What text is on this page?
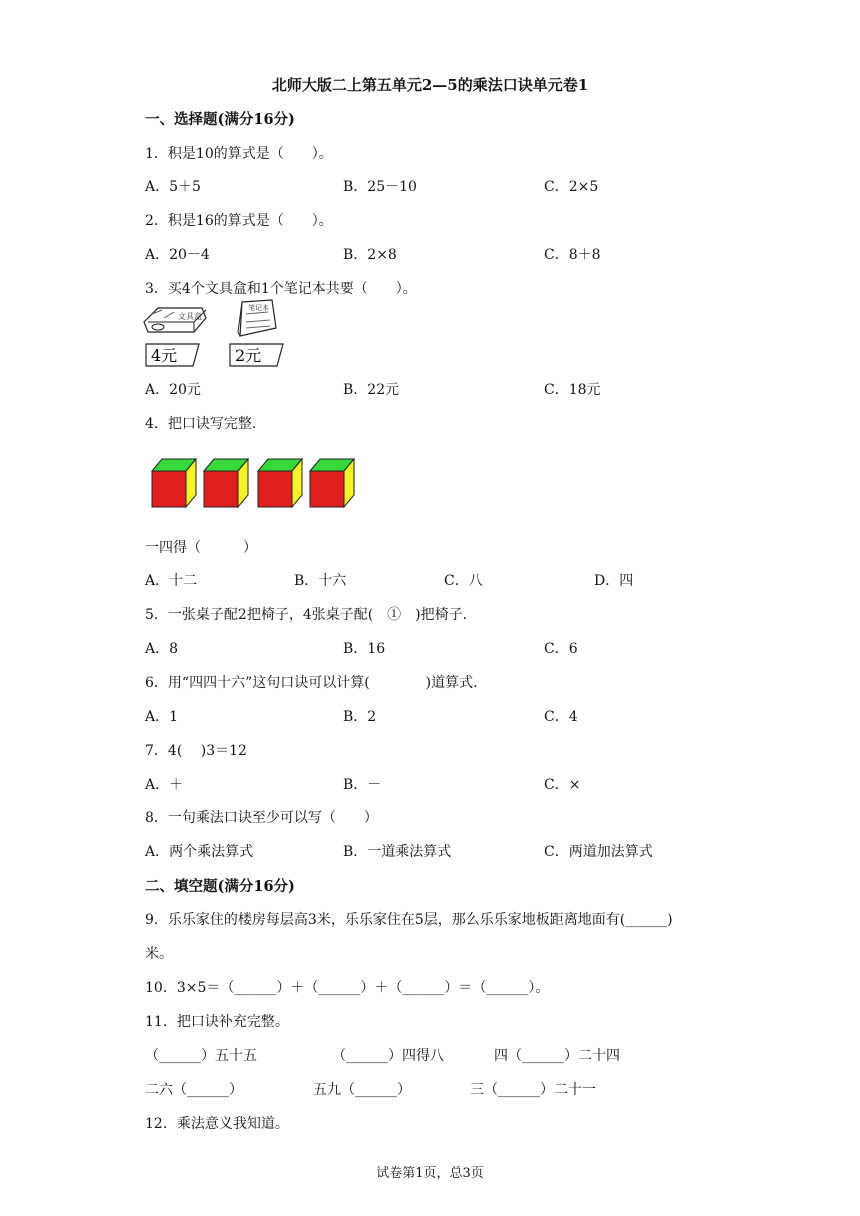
北师大版二上第五单元2—5的乘法口诀单元卷1
一、选择题(满分16分)
1．积是10的算式是（　　）。
A．5＋5	B．25－10	C．2×5
2．积是16的算式是（　　）。
A．20－4	B．2×8	C．8＋8
3．买4个文具盒和1个笔记本共要（　　）。
文具盒
笔记本
4元	2元
A．20元	B．22元	C．18元
4．把口诀写完整.
一四得（　　　）
A．十二	B．十六	C．八	D．四
5．一张桌子配2把椅子，4张桌子配(　①　)把椅子.
A．8	B．16	C．6
6．用“四四十六”这句口诀可以计算(　　　　)道算式.
A．1	B．2	C．4
7．4(　 )3＝12
A．＋	B．－	C．×
8．一句乘法口诀至少可以写（　　）
A．两个乘法算式	B．一道乘法算式	C．两道加法算式
二、填空题(满分16分)
9．乐乐家住的楼房每层高3米，乐乐家住在5层，那么乐乐家地板距离地面有(______)
米。
10．3×5＝（______）＋（______）＋（______）＝（______）。
11．把口诀补充完整。
（______）五十五	（______）四得八	四（______）二十四
二六（______）	五九（______）	三（______）二十一
12．乘法意义我知道。
试卷第1页，总3页
